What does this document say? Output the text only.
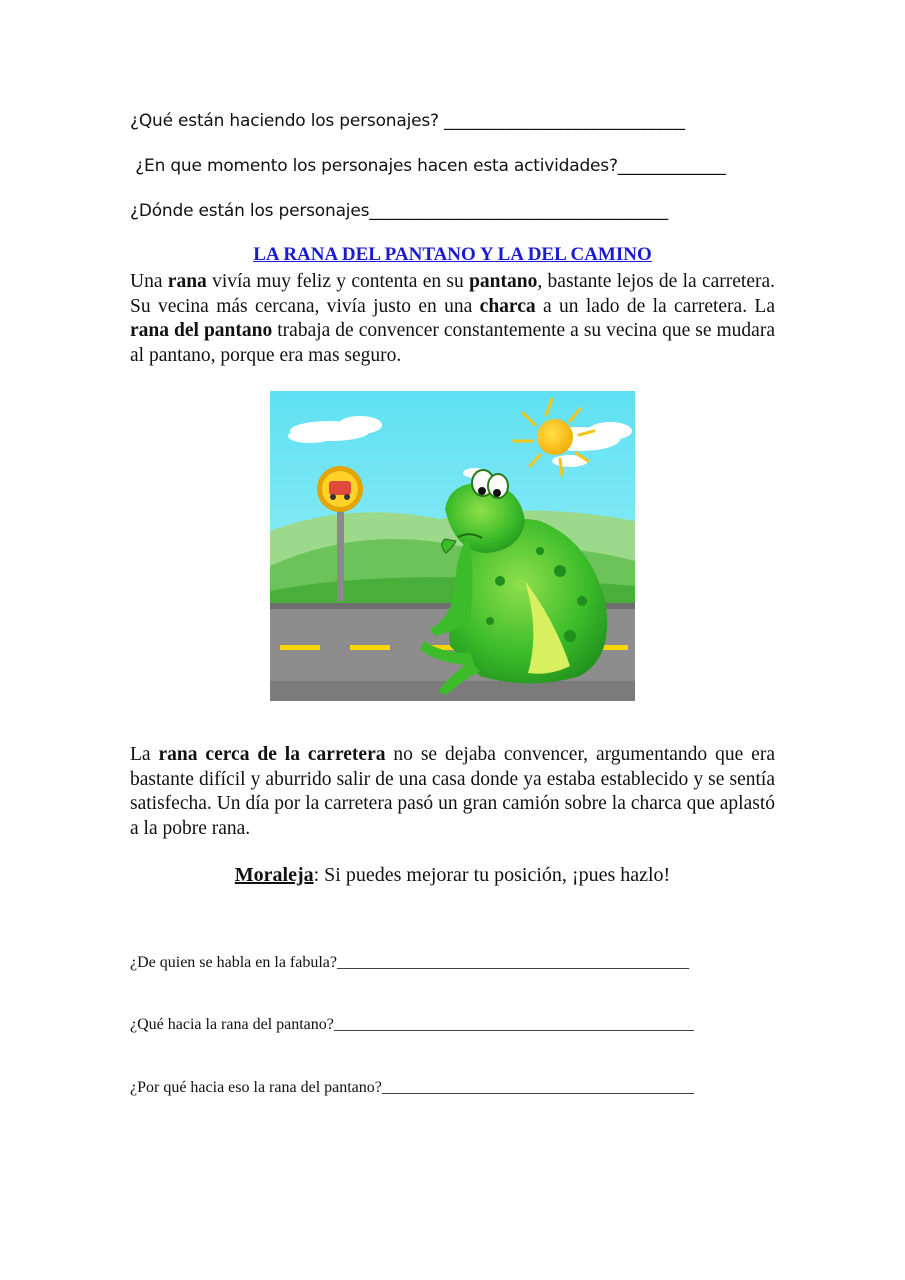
¿Qué están haciendo los personajes? _____________________________

¿En que momento los personajes hacen esta actividades?_____________

¿Dónde están los personajes____________________________________

LA RANA DEL PANTANO Y LA DEL CAMINO

Una rana vivía muy feliz y contenta en su pantano, bastante lejos de la carretera. Su vecina más cercana, vivía justo en una charca a un lado de la carretera. La rana del pantano trabaja de convencer constantemente a su vecina que se mudara al pantano, porque era mas seguro.

La rana cerca de la carretera no se dejaba convencer, argumentando que era bastante difícil y aburrido salir de una casa donde ya estaba establecido y se sentía satisfecha. Un día por la carretera pasó un gran camión sobre la charca que aplastó a la pobre rana.

Moraleja: Si puedes mejorar tu posición, ¡pues hazlo!

¿De quien se habla en la fabula?____________________________________________

¿Qué hacia la rana del pantano?_____________________________________________

¿Por qué hacia eso la rana del pantano?_______________________________________
